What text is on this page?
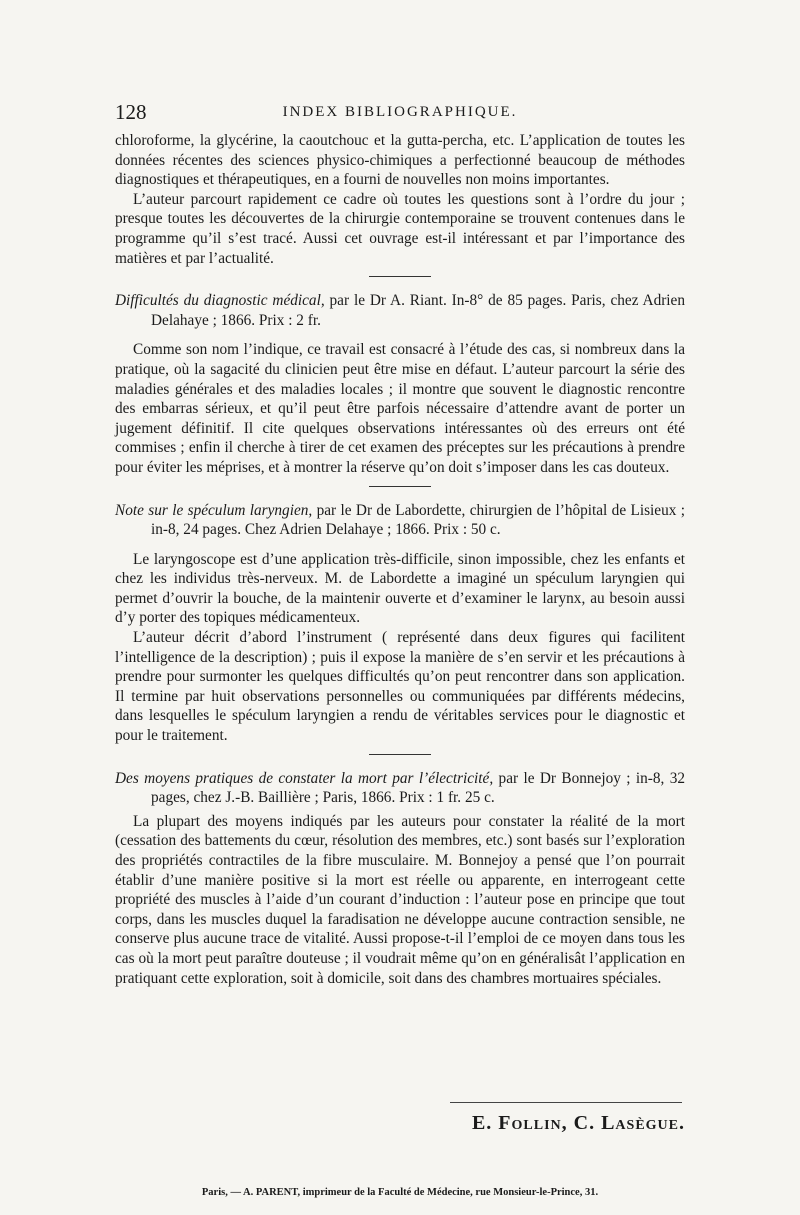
128	INDEX BIBLIOGRAPHIQUE.

chloroforme, la glycérine, la caoutchouc et la gutta-percha, etc. L’application de toutes les données récentes des sciences physico-chimiques a perfectionné beaucoup de méthodes diagnostiques et thérapeutiques, en a fourni de nouvelles non moins importantes.

L’auteur parcourt rapidement ce cadre où toutes les questions sont à l’ordre du jour ; presque toutes les découvertes de la chirurgie contemporaine se trouvent contenues dans le programme qu’il s’est tracé. Aussi cet ouvrage est-il intéressant et par l’importance des matières et par l’actualité.

Difficultés du diagnostic médical, par le Dr A. Riant. In-8° de 85 pages. Paris, chez Adrien Delahaye ; 1866. Prix : 2 fr.

Comme son nom l’indique, ce travail est consacré à l’étude des cas, si nombreux dans la pratique, où la sagacité du clinicien peut être mise en défaut. L’auteur parcourt la série des maladies générales et des maladies locales ; il montre que souvent le diagnostic rencontre des embarras sérieux, et qu’il peut être parfois nécessaire d’attendre avant de porter un jugement définitif. Il cite quelques observations intéressantes où des erreurs ont été commises ; enfin il cherche à tirer de cet examen des préceptes sur les précautions à prendre pour éviter les méprises, et à montrer la réserve qu’on doit s’imposer dans les cas douteux.

Note sur le spéculum laryngien, par le Dr de Labordette, chirurgien de l’hôpital de Lisieux ; in-8, 24 pages. Chez Adrien Delahaye ; 1866. Prix : 50 c.

Le laryngoscope est d’une application très-difficile, sinon impossible, chez les enfants et chez les individus très-nerveux. M. de Labordette a imaginé un spéculum laryngien qui permet d’ouvrir la bouche, de la maintenir ouverte et d’examiner le larynx, au besoin aussi d’y porter des topiques médicamenteux.

L’auteur décrit d’abord l’instrument ( représenté dans deux figures qui facilitent l’intelligence de la description) ; puis il expose la manière de s’en servir et les précautions à prendre pour surmonter les quelques difficultés qu’on peut rencontrer dans son application. Il termine par huit observations personnelles ou communiquées par différents médecins, dans lesquelles le spéculum laryngien a rendu de véritables services pour le diagnostic et pour le traitement.

Des moyens pratiques de constater la mort par l’électricité, par le Dr Bonnejoy ; in-8, 32 pages, chez J.-B. Baillière ; Paris, 1866. Prix : 1 fr. 25 c.

La plupart des moyens indiqués par les auteurs pour constater la réalité de la mort (cessation des battements du cœur, résolution des membres, etc.) sont basés sur l’exploration des propriétés contractiles de la fibre musculaire. M. Bonnejoy a pensé que l’on pourrait établir d’une manière positive si la mort est réelle ou apparente, en interrogeant cette propriété des muscles à l’aide d’un courant d’induction : l’auteur pose en principe que tout corps, dans les muscles duquel la faradisation ne développe aucune contraction sensible, ne conserve plus aucune trace de vitalité. Aussi propose-t-il l’emploi de ce moyen dans tous les cas où la mort peut paraître douteuse ; il voudrait même qu’on en généralisât l’application en pratiquant cette exploration, soit à domicile, soit dans des chambres mortuaires spéciales.

E. Follin, C. Lasègue.
Paris, — A. PARENT, imprimeur de la Faculté de Médecine, rue Monsieur-le-Prince, 31.
